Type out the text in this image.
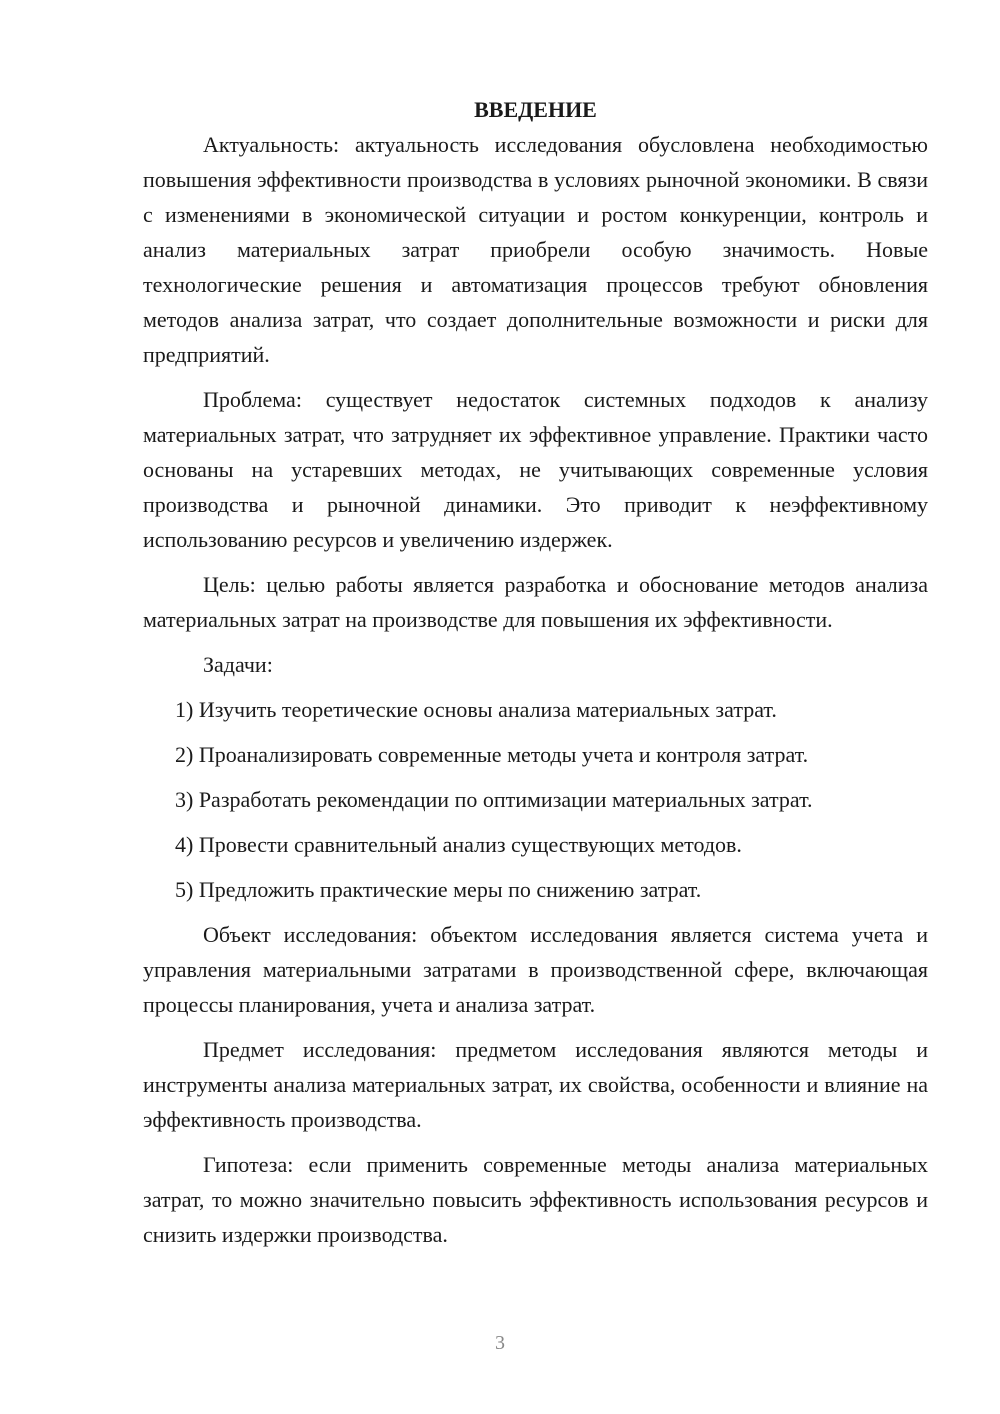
ВВЕДЕНИЕ

Актуальность: актуальность исследования обусловлена необходимостью повышения эффективности производства в условиях рыночной экономики. В связи с изменениями в экономической ситуации и ростом конкуренции, контроль и анализ материальных затрат приобрели особую значимость. Новые технологические решения и автоматизация процессов требуют обновления методов анализа затрат, что создает дополнительные возможности и риски для предприятий.

Проблема: существует недостаток системных подходов к анализу материальных затрат, что затрудняет их эффективное управление. Практики часто основаны на устаревших методах, не учитывающих современные условия производства и рыночной динамики. Это приводит к неэффективному использованию ресурсов и увеличению издержек.

Цель: целью работы является разработка и обоснование методов анализа материальных затрат на производстве для повышения их эффективности.

Задачи:

1) Изучить теоретические основы анализа материальных затрат.
2) Проанализировать современные методы учета и контроля затрат.
3) Разработать рекомендации по оптимизации материальных затрат.
4) Провести сравнительный анализ существующих методов.
5) Предложить практические меры по снижению затрат.

Объект исследования: объектом исследования является система учета и управления материальными затратами в производственной сфере, включающая процессы планирования, учета и анализа затрат.

Предмет исследования: предметом исследования являются методы и инструменты анализа материальных затрат, их свойства, особенности и влияние на эффективность производства.

Гипотеза: если применить современные методы анализа материальных затрат, то можно значительно повысить эффективность использования ресурсов и снизить издержки производства.

3
